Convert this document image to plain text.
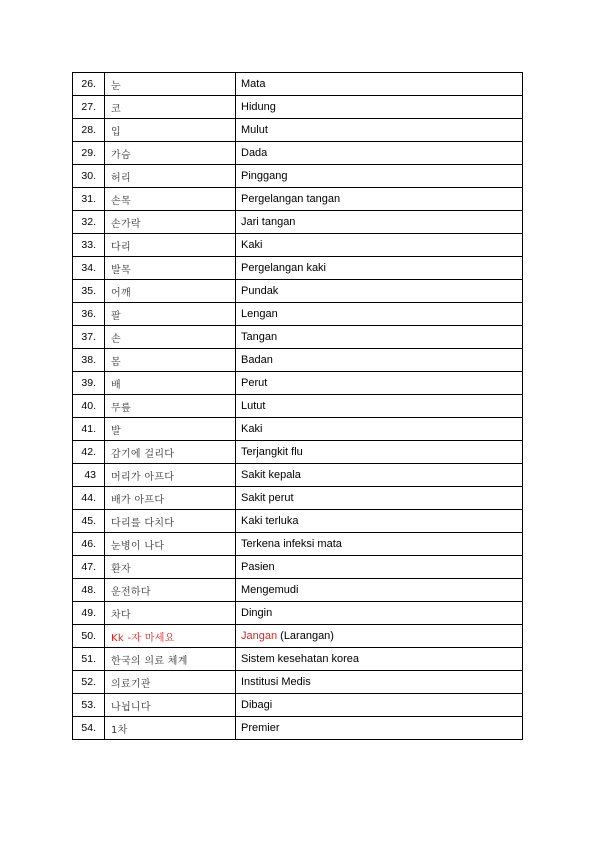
26.	눈	Mata
27.	코	Hidung
28.	입	Mulut
29.	가슴	Dada
30.	허리	Pinggang
31.	손목	Pergelangan tangan
32.	손가락	Jari tangan
33.	다리	Kaki
34.	발목	Pergelangan kaki
35.	어깨	Pundak
36.	팔	Lengan
37.	손	Tangan
38.	몸	Badan
39.	배	Perut
40.	무릎	Lutut
41.	발	Kaki
42.	감기에 걸리다	Terjangkit flu
43	머리가 아프다	Sakit kepala
44.	배가 아프다	Sakit perut
45.	다리를 다치다	Kaki terluka
46.	눈병이 나다	Terkena infeksi mata
47.	환자	Pasien
48.	운전하다	Mengemudi
49.	차다	Dingin
50.	Kk -자 마세요	Jangan (Larangan)
51.	한국의 의료 체계	Sistem kesehatan korea
52.	의료기관	Institusi Medis
53.	나뉩니다	Dibagi
54.	1차	Premier
